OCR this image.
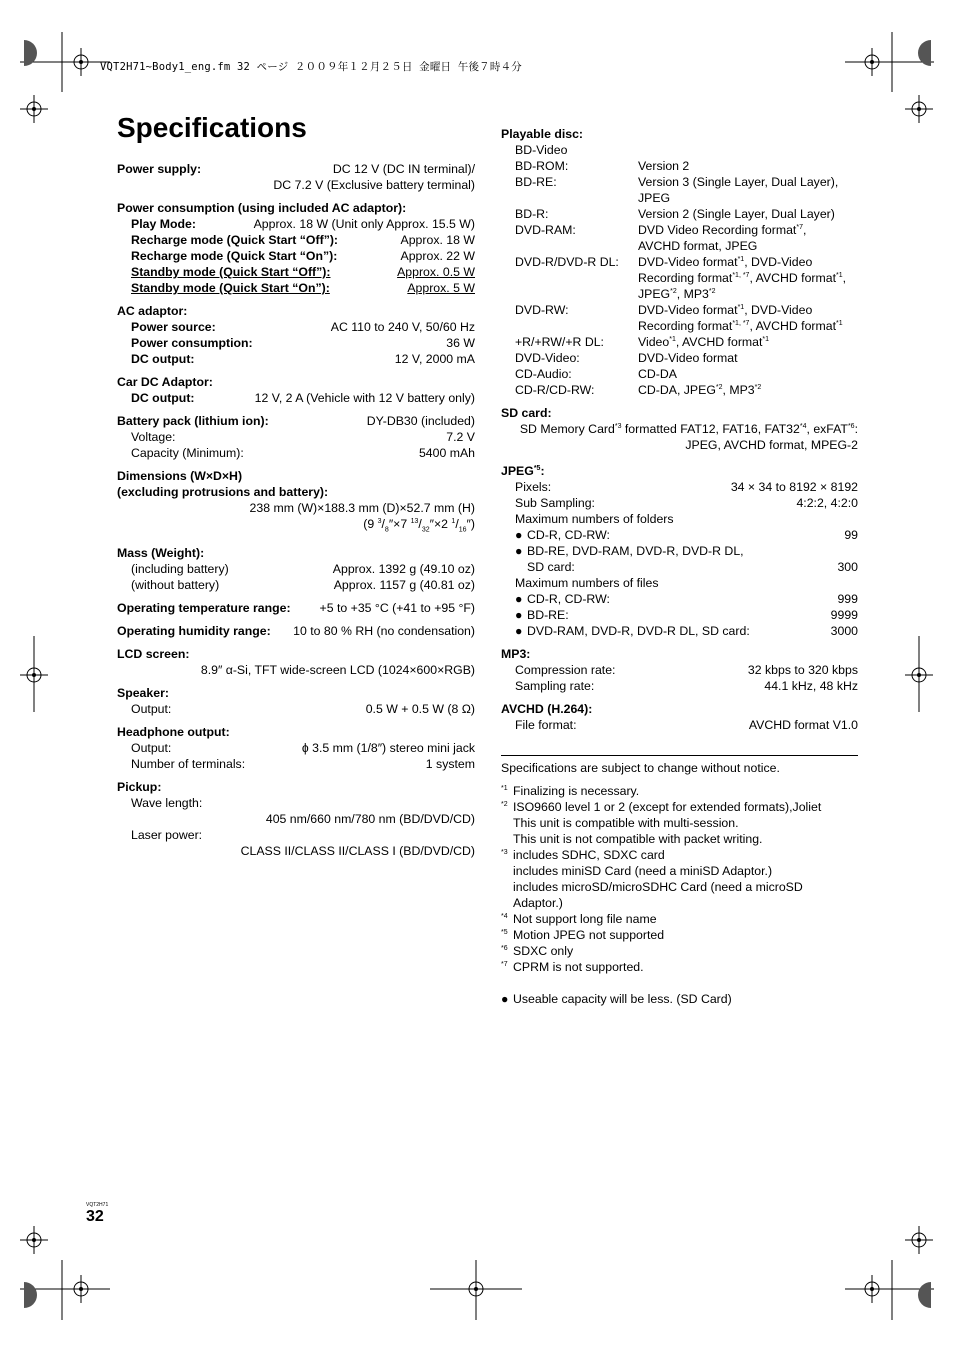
VQT2H71~Body1_eng.fm 32 ページ ２００９年１２月２５日 金曜日 午後７時４分
Specifications
Power supply:	DC 12 V (DC IN terminal)/
DC 7.2 V (Exclusive battery terminal)
Power consumption (using included AC adaptor):
Play Mode:	Approx. 18 W (Unit only Approx. 15.5 W)
Recharge mode (Quick Start “Off”):	Approx. 18 W
Recharge mode (Quick Start “On”):	Approx. 22 W
Standby mode (Quick Start “Off”):	Approx. 0.5 W
Standby mode (Quick Start “On”):	Approx. 5 W
AC adaptor:
Power source:	AC 110 to 240 V, 50/60 Hz
Power consumption:	36 W
DC output:	12 V, 2000 mA
Car DC Adaptor:
DC output:	12 V, 2 A (Vehicle with 12 V battery only)
Battery pack (lithium ion):	DY-DB30 (included)
Voltage:	7.2 V
Capacity (Minimum):	5400 mAh
Dimensions (W×D×H)
(excluding protrusions and battery):
238 mm (W)×188.3 mm (D)×52.7 mm (H)
(9 $^3/_8''\times 7$ $^{13}/_{32}''\times 2$ $^1/_{16}''$)
Mass (Weight):
(including battery)	Approx. 1392 g (49.10 oz)
(without battery)	Approx. 1157 g (40.81 oz)
Operating temperature range: +5 to +35 °C (+41 to +95 °F)
Operating humidity range: 10 to 80 % RH (no condensation)
LCD screen:
8.9″ α-Si, TFT wide-screen LCD (1024×600×RGB)
Speaker:
Output:	0.5 W + 0.5 W (8 Ω)
Headphone output:
Output:	ɸ 3.5 mm (1/8″) stereo mini jack
Number of terminals:	1 system
Pickup:
Wave length:
405 nm/660 nm/780 nm (BD/DVD/CD)
Laser power:
CLASS II/CLASS II/CLASS I (BD/DVD/CD)
Playable disc:
BD-Video
BD-ROM:	Version 2
BD-RE:	Version 3 (Single Layer, Dual Layer),
JPEG
BD-R:	Version 2 (Single Layer, Dual Layer)
DVD-RAM:	DVD Video Recording format$^{*7}$,
AVCHD format, JPEG
DVD-R/DVD-R DL:	DVD-Video format$^{*1}$, DVD-Video
Recording format$^{*1, *7}$, AVCHD format$^{*1}$,
JPEG$^{*2}$, MP3$^{*2}$
DVD-RW:	DVD-Video format$^{*1}$, DVD-Video
Recording format$^{*1, *7}$, AVCHD format$^{*1}$
+R/+RW/+R DL:	Video$^{*1}$, AVCHD format$^{*1}$
DVD-Video:	DVD-Video format
CD-Audio:	CD-DA
CD-R/CD-RW:	CD-DA, JPEG$^{*2}$, MP3$^{*2}$
SD card:
SD Memory Card$^{*3}$ formatted FAT12, FAT16, FAT32$^{*4}$, exFAT$^{*6}$:
JPEG, AVCHD format, MPEG-2
JPEG$^{*5}$:
Pixels:	34 × 34 to 8192 × 8192
Sub Sampling:	4:2:2, 4:2:0
Maximum numbers of folders
● CD-R, CD-RW:	99
● BD-RE, DVD-RAM, DVD-R, DVD-R DL,
SD card:	300
Maximum numbers of files
● CD-R, CD-RW:	999
● BD-RE:	9999
● DVD-RAM, DVD-R, DVD-R DL, SD card:	3000
MP3:
Compression rate:	32 kbps to 320 kbps
Sampling rate:	44.1 kHz, 48 kHz
AVCHD (H.264):
File format:	AVCHD format V1.0
Specifications are subject to change without notice.
*1 Finalizing is necessary.
*2 ISO9660 level 1 or 2 (except for extended formats),Joliet
This unit is compatible with multi-session.
This unit is not compatible with packet writing.
*3 includes SDHC, SDXC card
includes miniSD Card (need a miniSD Adaptor.)
includes microSD/microSDHC Card (need a microSD
Adaptor.)
*4 Not support long file name
*5 Motion JPEG not supported
*6 SDXC only
*7 CPRM is not supported.
● Useable capacity will be less. (SD Card)
VQT2H71
32
